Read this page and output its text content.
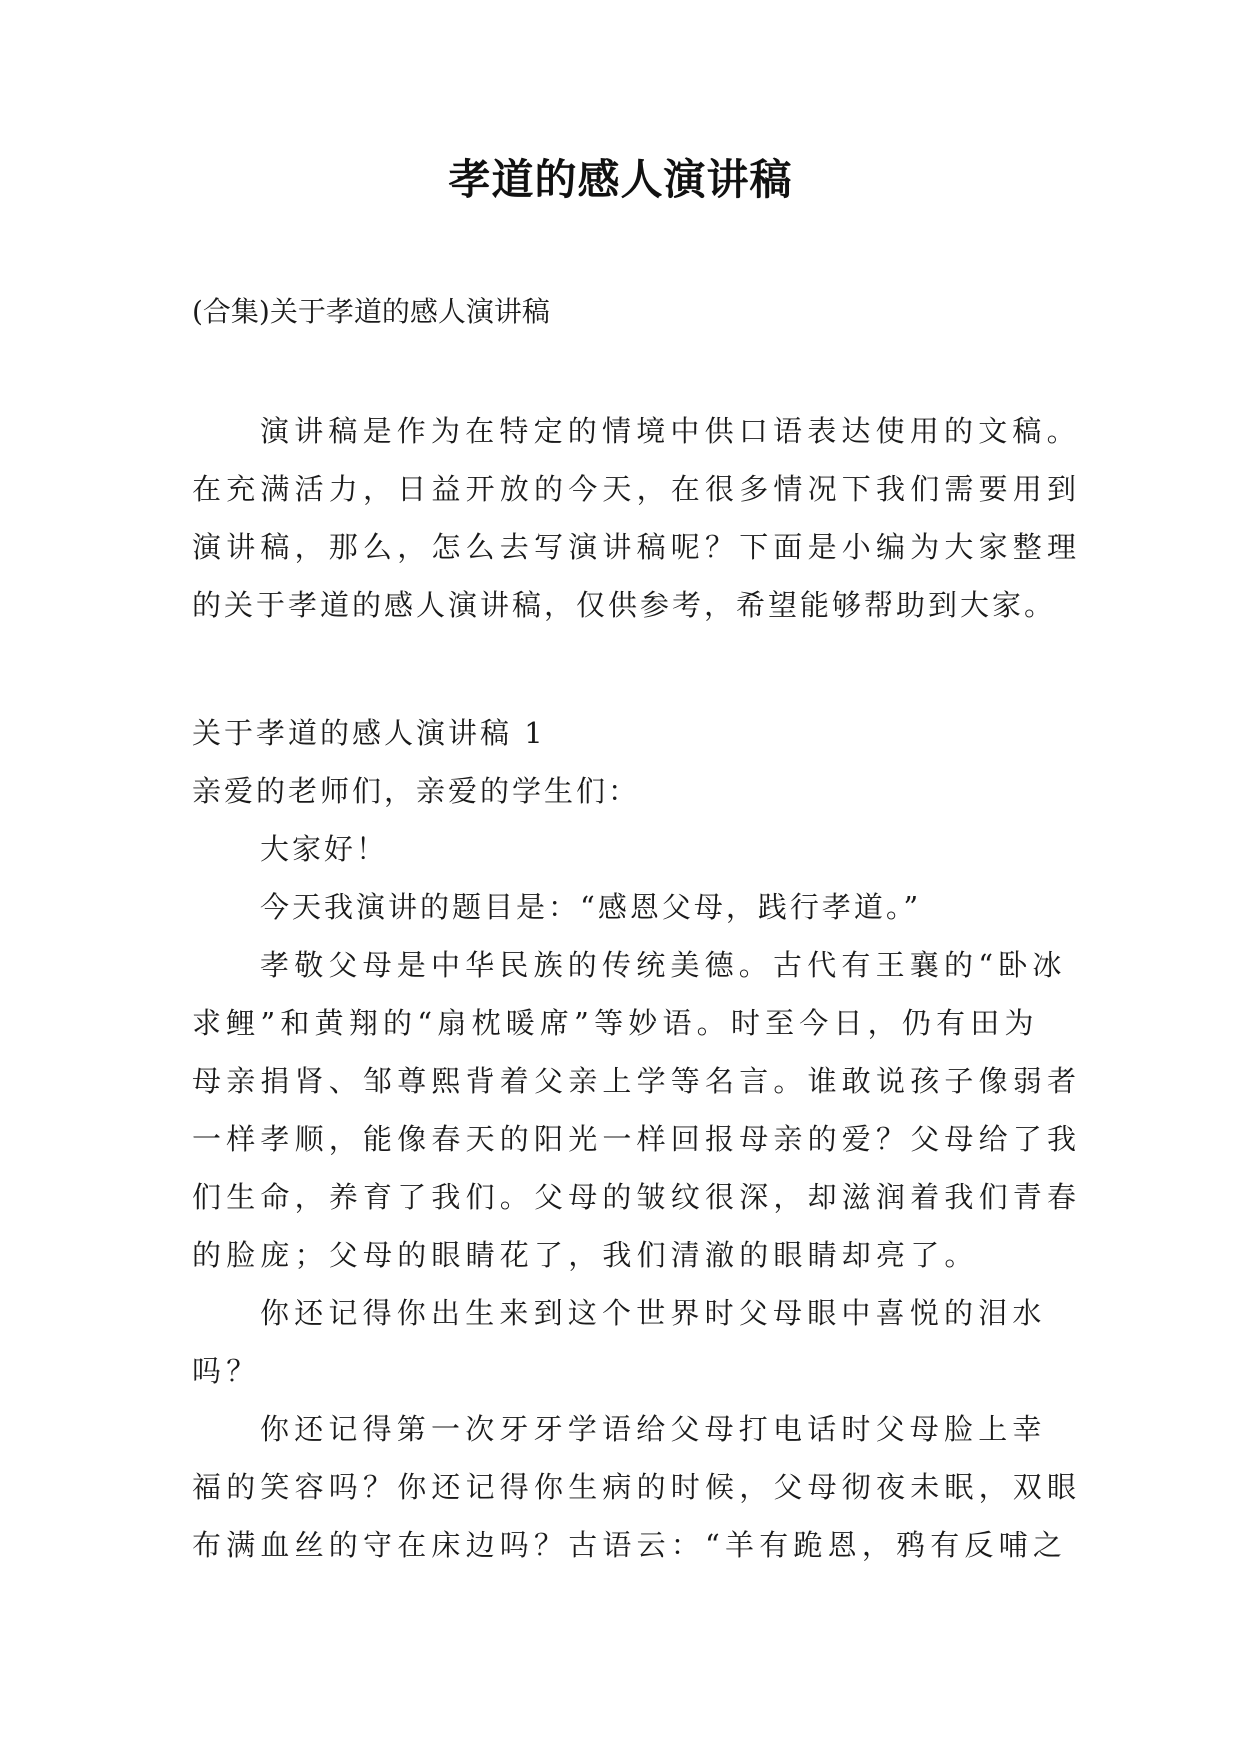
孝道的感人演讲稿
(合集)关于孝道的感人演讲稿
演讲稿是作为在特定的情境中供口语表达使用的文稿。
在充满活力，日益开放的今天，在很多情况下我们需要用到
演讲稿，那么，怎么去写演讲稿呢？下面是小编为大家整理
的关于孝道的感人演讲稿，仅供参考，希望能够帮助到大家。
关于孝道的感人演讲稿 1
亲爱的老师们，亲爱的学生们：
大家好！
今天我演讲的题目是：“感恩父母，践行孝道。”
孝敬父母是中华民族的传统美德。古代有王襄的“卧冰
求鲤”和黄翔的“扇枕暖席”等妙语。时至今日，仍有田为
母亲捐肾、邹尊熙背着父亲上学等名言。谁敢说孩子像弱者
一样孝顺，能像春天的阳光一样回报母亲的爱？父母给了我
们生命，养育了我们。父母的皱纹很深，却滋润着我们青春
的脸庞；父母的眼睛花了，我们清澈的眼睛却亮了。
你还记得你出生来到这个世界时父母眼中喜悦的泪水
吗？
你还记得第一次牙牙学语给父母打电话时父母脸上幸
福的笑容吗？你还记得你生病的时候，父母彻夜未眠，双眼
布满血丝的守在床边吗？古语云：“羊有跪恩，鸦有反哺之
